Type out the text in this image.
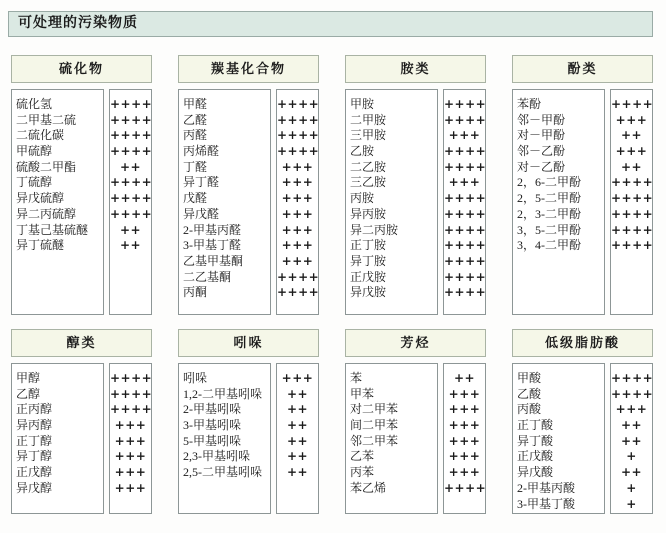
可处理的污染物质
硫化物
硫化氢
二甲基二硫
二硫化碳
甲硫醇
硫酸二甲酯
丁硫醇
异戊硫醇
异二丙硫醇
丁基己基硫醚
异丁硫醚
++++
++++
++++
++++
++
++++
++++
++++
++
++
羰基化合物
甲醛
乙醛
丙醛
丙烯醛
丁醛
异丁醛
戊醛
异戊醛
2-甲基丙醛
3-甲基丁醛
乙基甲基酮
二乙基酮
丙酮
++++
++++
++++
++++
+++
+++
+++
+++
+++
+++
+++
++++
++++
胺类
甲胺
二甲胺
三甲胺
乙胺
二乙胺
三乙胺
丙胺
异丙胺
异二丙胺
正丁胺
异丁胺
正戊胺
异戊胺
++++
++++
+++
++++
++++
+++
++++
++++
++++
++++
++++
++++
++++
酚类
苯酚
邻－甲酚
对－甲酚
邻－乙酚
对－乙酚
2，6-二甲酚
2，5-二甲酚
2，3-二甲酚
3，5-二甲酚
3，4-二甲酚
++++
+++
++
+++
++
++++
++++
++++
++++
++++
醇类
甲醇
乙醇
正丙醇
异丙醇
正丁醇
异丁醇
正戊醇
异戊醇
++++
++++
++++
+++
+++
+++
+++
+++
吲哚
吲哚
1,2-二甲基吲哚
2-甲基吲哚
3-甲基吲哚
5-甲基吲哚
2,3-甲基吲哚
2,5-二甲基吲哚
+++
++
++
++
++
++
++
芳烃
苯
甲苯
对二甲苯
间二甲苯
邻二甲苯
乙苯
丙苯
苯乙烯
++
+++
+++
+++
+++
+++
+++
++++
低级脂肪酸
甲酸
乙酸
丙酸
正丁酸
异丁酸
正戊酸
异戊酸
2-甲基丙酸
3-甲基丁酸
++++
++++
+++
++
++
+
++
+
+
